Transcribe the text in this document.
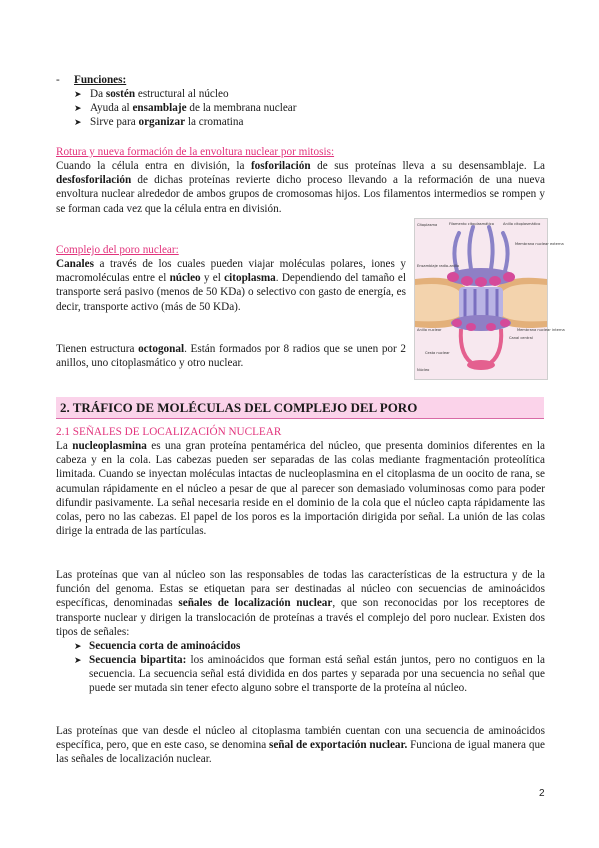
-	Funciones:
➤ Da sostén estructural al núcleo
➤ Ayuda al ensamblaje de la membrana nuclear
➤ Sirve para organizar la cromatina
Rotura y nueva formación de la envoltura nuclear por mitosis:

Cuando la célula entra en división, la fosforilación de sus proteínas lleva a su desensamblaje. La desfosforilación de dichas proteínas revierte dicho proceso llevando a la reformación de una nueva envoltura nuclear alrededor de ambos grupos de cromosomas hijos. Los filamentos intermedios se rompen y se forman cada vez que la célula entra en división.

Complejo del poro nuclear:

Canales a través de los cuales pueden viajar moléculas polares, iones y macromoléculas entre el núcleo y el citoplasma. Dependiendo del tamaño el transporte será pasivo (menos de 50 KDa) o selectivo con gasto de energía, es decir, transporte activo (más de 50 KDa).

Tienen estructura octogonal. Están formados por 8 radios que se unen por 2 anillos, uno citoplasmático y otro nuclear.

Citoplasma	Filamento citoplasmático	Anillo citoplasmático
Membrana nuclear externa
Ensamblaje radio-anillo
Anillo nuclear
Canal central
Membrana nuclear interna
Cesta nuclear
Núcleo
2. TRÁFICO DE MOLÉCULAS DEL COMPLEJO DEL PORO
2.1 SEÑALES DE LOCALIZACIÓN NUCLEAR

La nucleoplasmina es una gran proteína pentamérica del núcleo, que presenta dominios diferentes en la cabeza y en la cola. Las cabezas pueden ser separadas de las colas mediante fragmentación proteolítica limitada. Cuando se inyectan moléculas intactas de nucleoplasmina en el citoplasma de un oocito de rana, se acumulan rápidamente en el núcleo a pesar de que al parecer son demasiado voluminosas como para poder difundir pasivamente. La señal necesaria reside en el dominio de la cola que el núcleo capta rápidamente las colas, pero no las cabezas. El papel de los poros es la importación dirigida por señal. La unión de las colas dirige la entrada de las partículas.

Las proteínas que van al núcleo son las responsables de todas las características de la estructura y de la función del genoma. Estas se etiquetan para ser destinadas al núcleo con secuencias de aminoácidos específicas, denominadas señales de localización nuclear, que son reconocidas por los receptores de transporte nuclear y dirigen la translocación de proteínas a través el complejo del poro nuclear. Existen dos tipos de señales:

➤ Secuencia corta de aminoácidos
➤ Secuencia bipartita: los aminoácidos que forman está señal están juntos, pero no contiguos en la secuencia. La secuencia señal está dividida en dos partes y separada por una secuencia no señal que puede ser mutada sin tener efecto alguno sobre el transporte de la proteína al núcleo.

Las proteínas que van desde el núcleo al citoplasma también cuentan con una secuencia de aminoácidos específica, pero, que en este caso, se denomina señal de exportación nuclear. Funciona de igual manera que las señales de localización nuclear.

2
